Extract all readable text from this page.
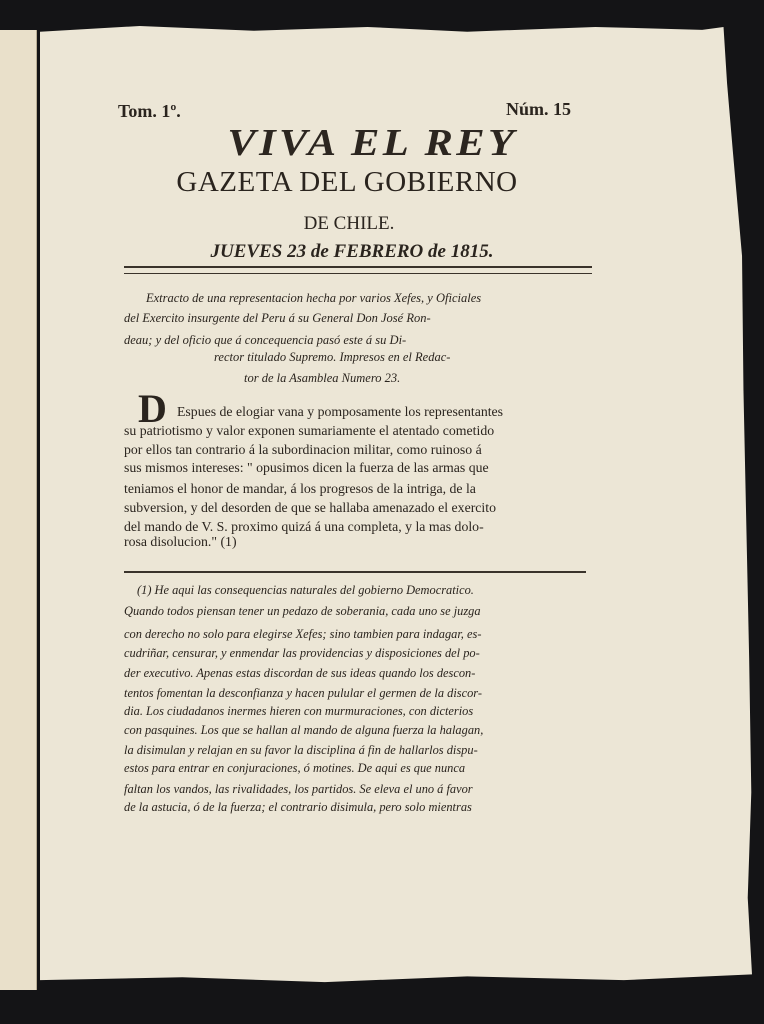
Tom. 1º.	Núm. 15
VIVA EL REY
GAZETA DEL GOBIERNO
DE CHILE.
JUEVES 23 de FEBRERO de 1815.
Extracto de una representacion hecha por varios Xefes, y Oficiales
del Exercito insurgente del Peru á su General Don José Ron-
deau; y del oficio que á concequencia pasó este á su Di-
rector titulado Supremo. Impresos en el Redac-
tor de la Asamblea Numero 23.
D Espues de elogiar vana y pomposamente los representantes
su patriotismo y valor exponen sumariamente el atentado cometido
por ellos tan contrario á la subordinacion militar, como ruinoso á
sus mismos intereses: " opusimos dicen la fuerza de las armas que
teniamos el honor de mandar, á los progresos de la intriga, de la
subversion, y del desorden de que se hallaba amenazado el exercito
del mando de V. S. proximo quizá á una completa, y la mas dolo-
rosa disolucion." (1)
(1) He aqui las consequencias naturales del gobierno Democratico.
Quando todos piensan tener un pedazo de soberania, cada uno se juzga
con derecho no solo para elegirse Xefes; sino tambien para indagar, es-
cudriñar, censurar, y enmendar las providencias y disposiciones del po-
der executivo. Apenas estas discordan de sus ideas quando los descon-
tentos fomentan la desconfianza y hacen pulular el germen de la discor-
dia. Los ciudadanos inermes hieren con murmuraciones, con dicterios
con pasquines. Los que se hallan al mando de alguna fuerza la halagan,
la disimulan y relajan en su favor la disciplina á fin de hallarlos dispu-
estos para entrar en conjuraciones, ó motines. De aqui es que nunca
faltan los vandos, las rivalidades, los partidos. Se eleva el uno á favor
de la astucia, ó de la fuerza; el contrario disimula, pero solo mientras
